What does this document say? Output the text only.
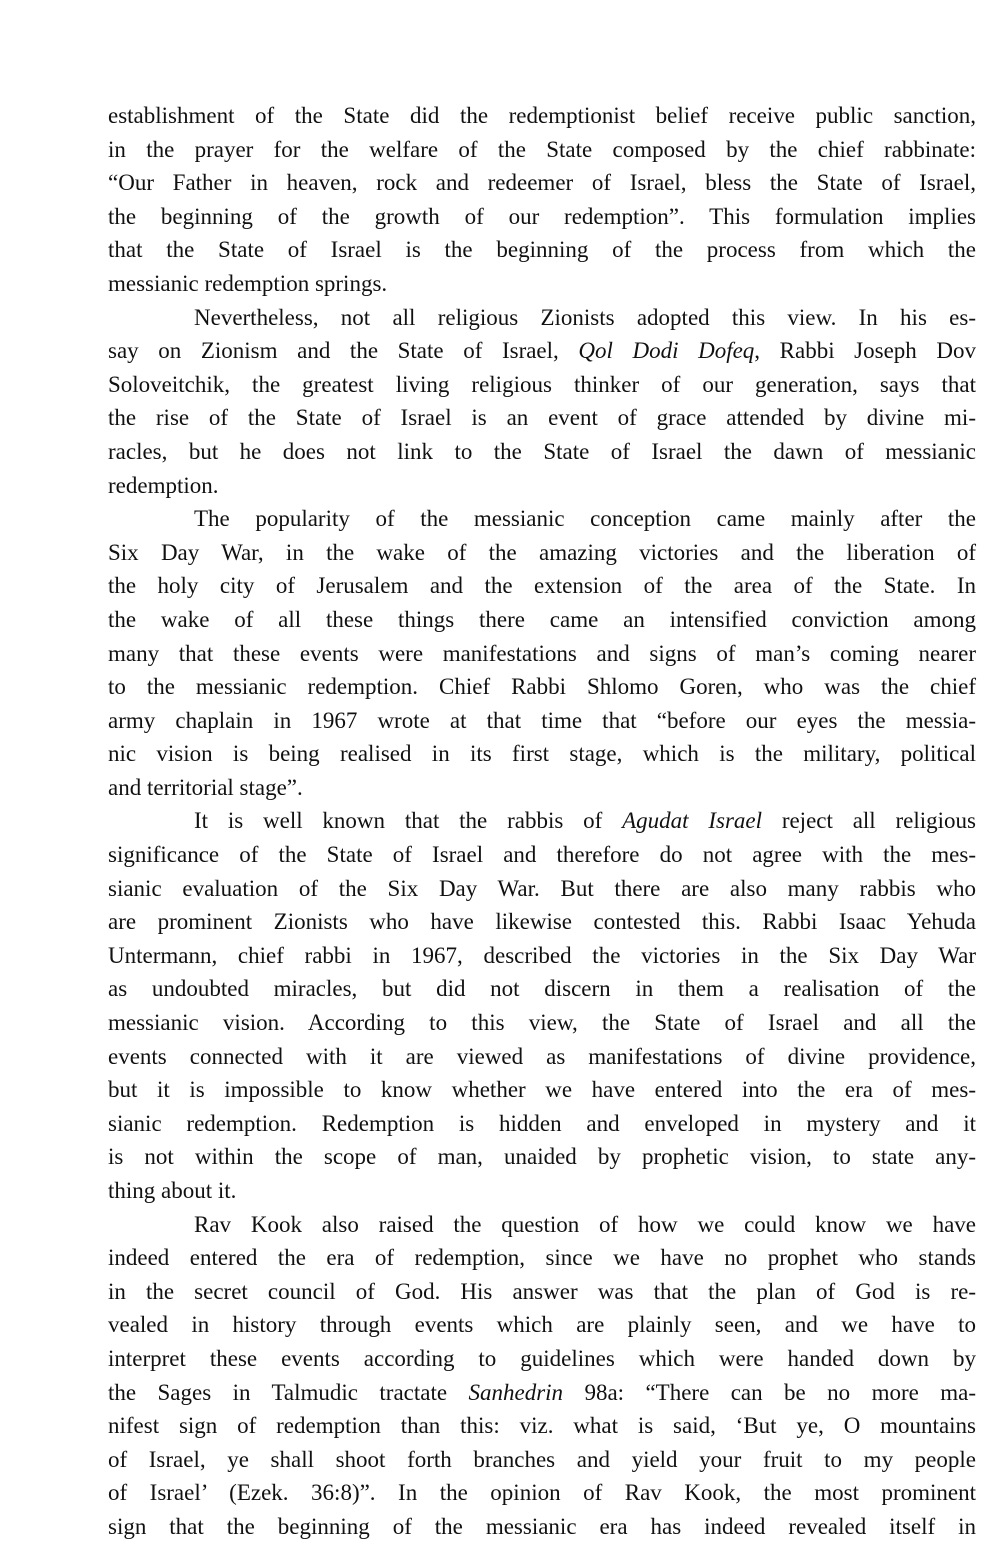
establishment of the State did the redemptionist belief receive public sanction,
in the prayer for the welfare of the State composed by the chief rabbinate:
“Our Father in heaven, rock and redeemer of Israel, bless the State of Israel,
the beginning of the growth of our redemption”. This formulation implies
that the State of Israel is the beginning of the process from which the
messianic redemption springs.

Nevertheless, not all religious Zionists adopted this view. In his es-
say on Zionism and the State of Israel, Qol Dodi Dofeq, Rabbi Joseph Dov
Soloveitchik, the greatest living religious thinker of our generation, says that
the rise of the State of Israel is an event of grace attended by divine mi-
racles, but he does not link to the State of Israel the dawn of messianic
redemption.

The popularity of the messianic conception came mainly after the
Six Day War, in the wake of the amazing victories and the liberation of
the holy city of Jerusalem and the extension of the area of the State. In
the wake of all these things there came an intensified conviction among
many that these events were manifestations and signs of man’s coming nearer
to the messianic redemption. Chief Rabbi Shlomo Goren, who was the chief
army chaplain in 1967 wrote at that time that “before our eyes the messia-
nic vision is being realised in its first stage, which is the military, political
and territorial stage”.

It is well known that the rabbis of Agudat Israel reject all religious
significance of the State of Israel and therefore do not agree with the mes-
sianic evaluation of the Six Day War. But there are also many rabbis who
are prominent Zionists who have likewise contested this. Rabbi Isaac Yehuda
Untermann, chief rabbi in 1967, described the victories in the Six Day War
as undoubted miracles, but did not discern in them a realisation of the
messianic vision. According to this view, the State of Israel and all the
events connected with it are viewed as manifestations of divine providence,
but it is impossible to know whether we have entered into the era of mes-
sianic redemption. Redemption is hidden and enveloped in mystery and it
is not within the scope of man, unaided by prophetic vision, to state any-
thing about it.

Rav Kook also raised the question of how we could know we have
indeed entered the era of redemption, since we have no prophet who stands
in the secret council of God. His answer was that the plan of God is re-
vealed in history through events which are plainly seen, and we have to
interpret these events according to guidelines which were handed down by
the Sages in Talmudic tractate Sanhedrin 98a: “There can be no more ma-
nifest sign of redemption than this: viz. what is said, ‘But ye, O mountains
of Israel, ye shall shoot forth branches and yield your fruit to my people
of Israel’ (Ezek. 36:8)”. In the opinion of Rav Kook, the most prominent
sign that the beginning of the messianic era has indeed revealed itself in
